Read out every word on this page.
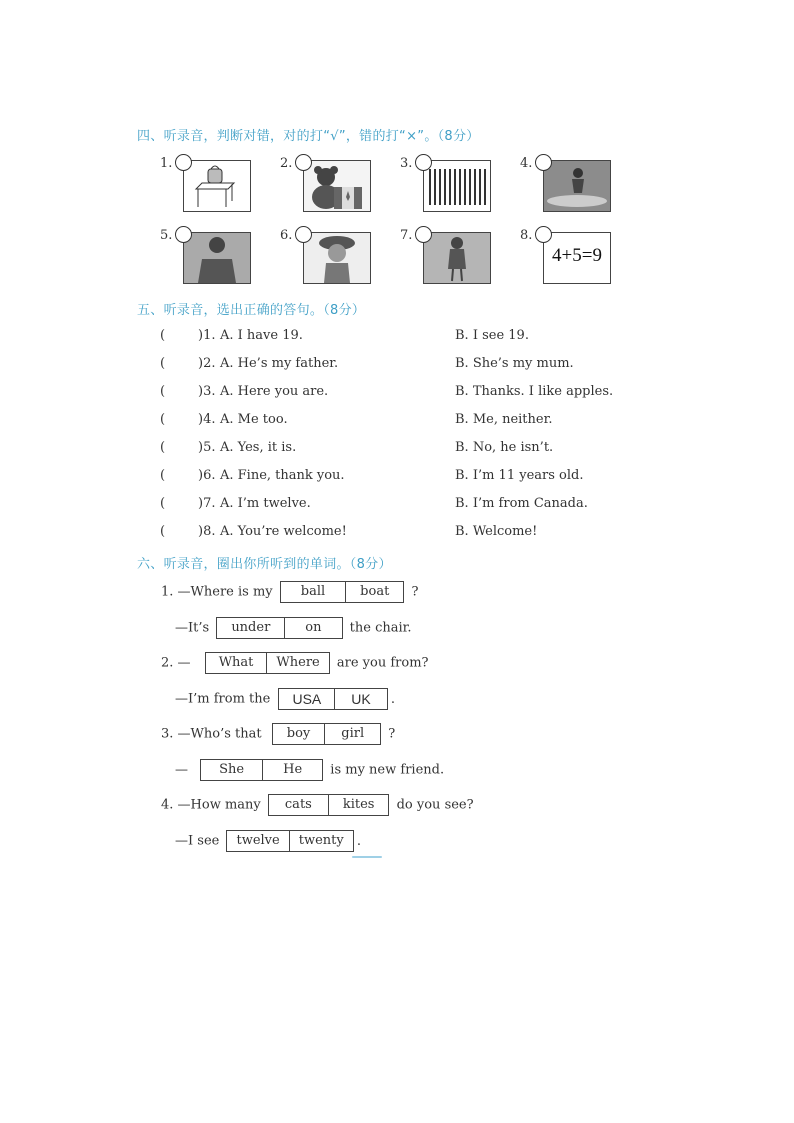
四、听录音，判断对错，对的打“√”，错的打“×”。（8分）
1.	2.	3.	4.
5.	6.	7.	8.
4+5=9
五、听录音，选出正确的答句。（8分）
(	)1. A. I have 19.	B. I see 19.
(	)2. A. He’s my father.	B. She’s my mum.
(	)3. A. Here you are.	B. Thanks. I like apples.
(	)4. A. Me too.	B. Me, neither.
(	)5. A. Yes, it is.	B. No, he isn’t.
(	)6. A. Fine, thank you.	B. I’m 11 years old.
(	)7. A. I’m twelve.	B. I’m from Canada.
(	)8. A. You’re welcome!	B. Welcome!
六、听录音，圈出你所听到的单词。（8分）
1. —Where is my	ball	boat	?
—It’s	under	on	the chair.
2. —	What	Where	are you from?
—I’m from the	USA	UK	.
3. —Who’s that	boy	girl	?
—	She	He	is my new friend.
4. —How many	cats	kites	do you see?
—I see	twelve	twenty	.
